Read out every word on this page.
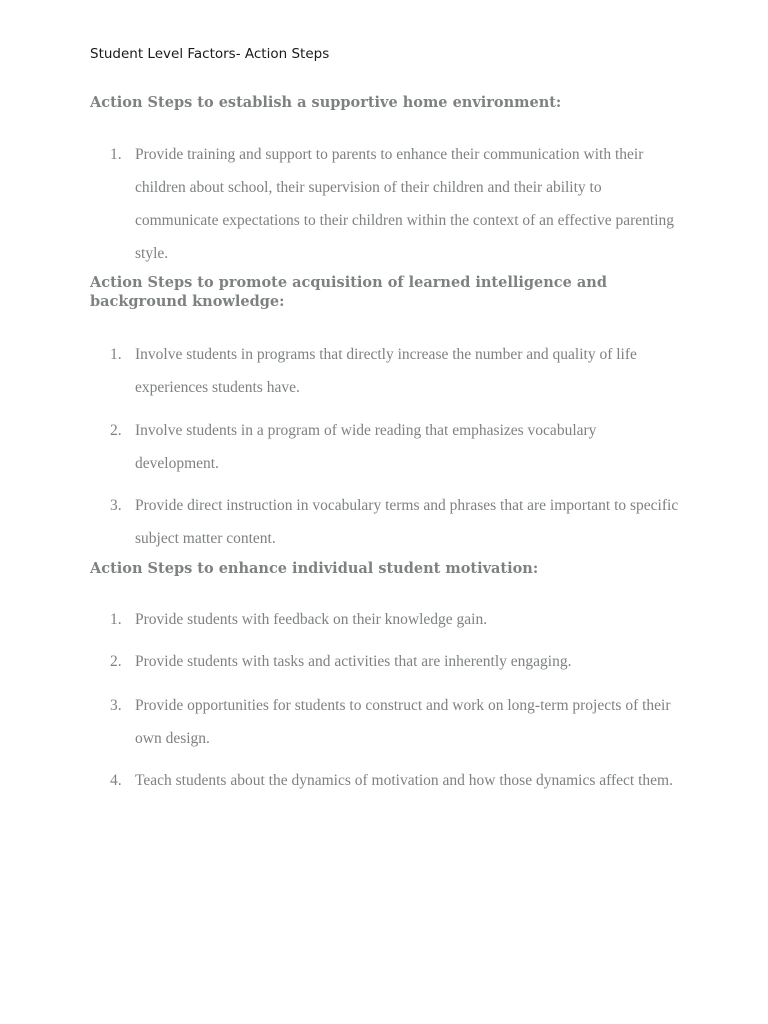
Student Level Factors- Action Steps
Action Steps to establish a supportive home environment:
1. Provide training and support to parents to enhance their communication with their children about school, their supervision of their children and their ability to communicate expectations to their children within the context of an effective parenting style.
Action Steps to promote acquisition of learned intelligence and background knowledge:
1. Involve students in programs that directly increase the number and quality of life experiences students have.
2. Involve students in a program of wide reading that emphasizes vocabulary development.
3. Provide direct instruction in vocabulary terms and phrases that are important to specific subject matter content.
Action Steps to enhance individual student motivation:
1. Provide students with feedback on their knowledge gain.
2. Provide students with tasks and activities that are inherently engaging.
3. Provide opportunities for students to construct and work on long-term projects of their own design.
4. Teach students about the dynamics of motivation and how those dynamics affect them.
